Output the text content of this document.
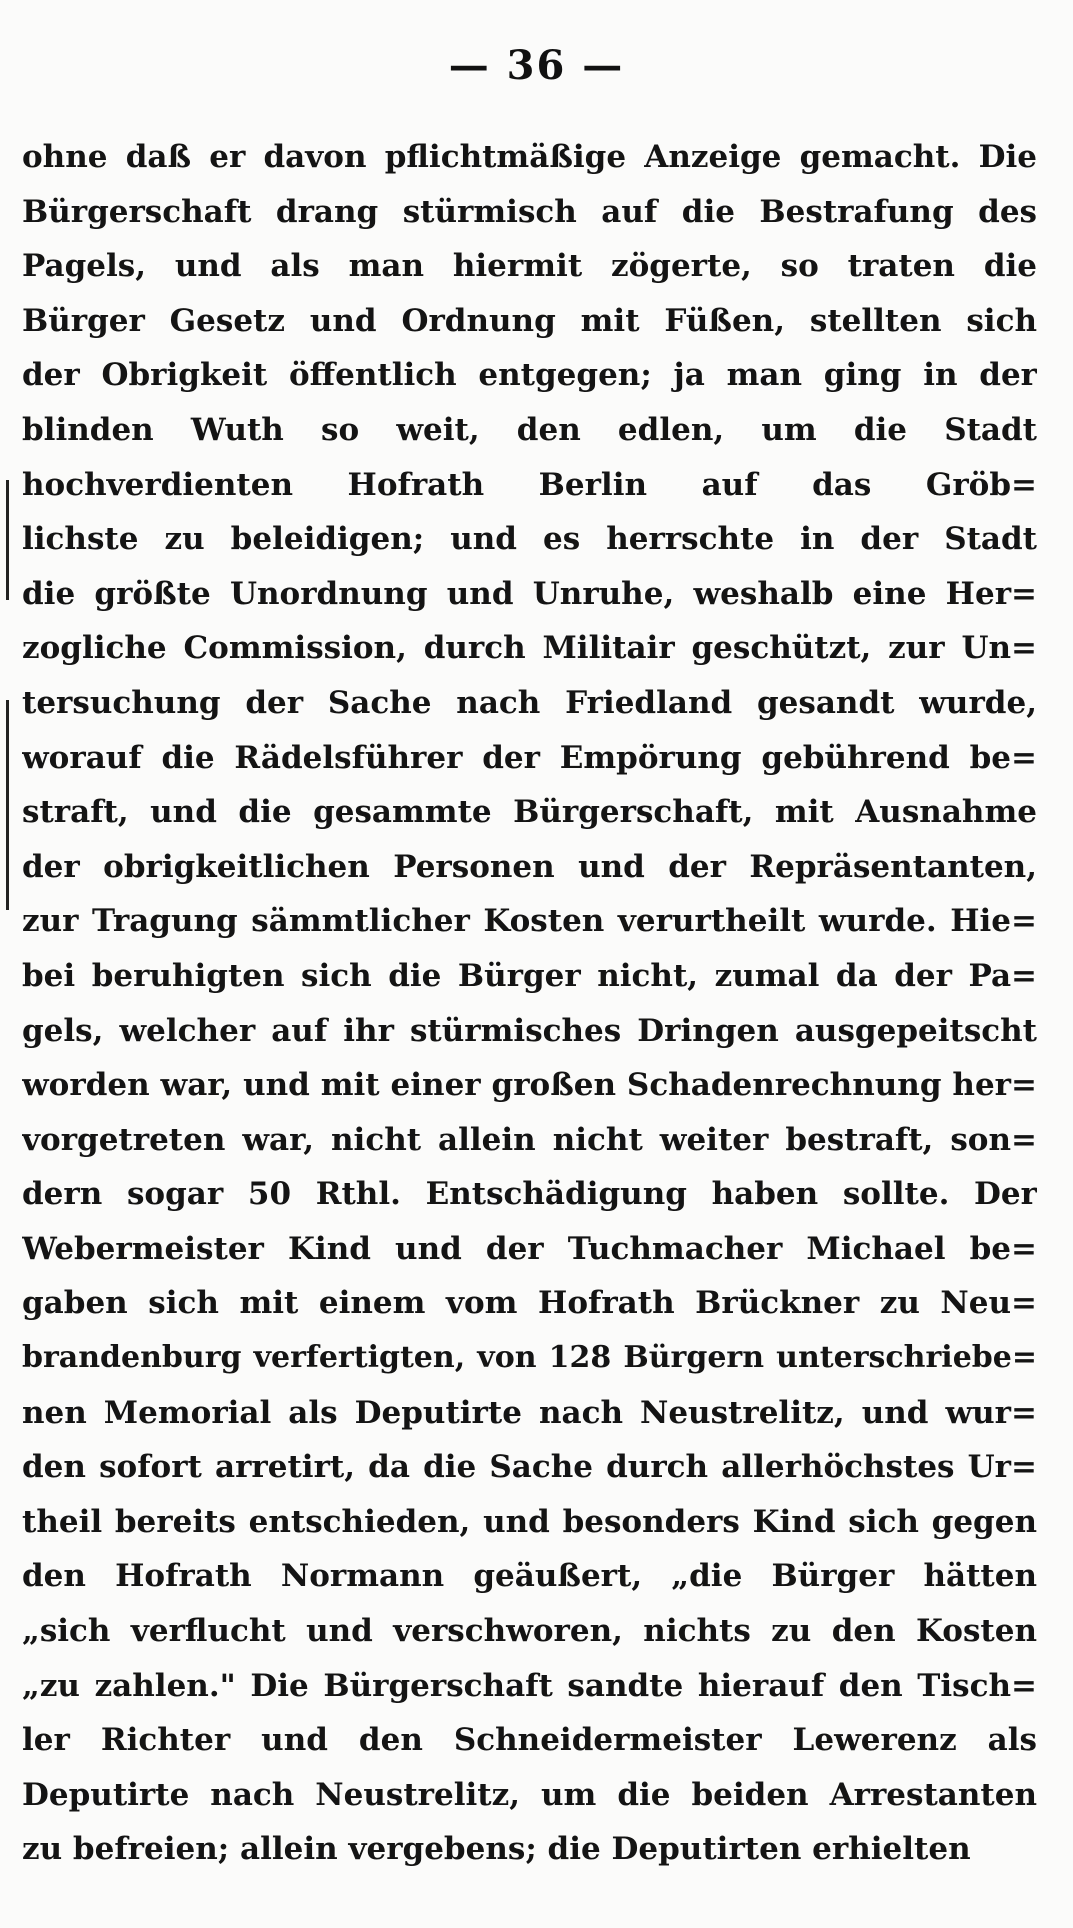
— 36 —
ohne daß er davon pflichtmäßige Anzeige gemacht. Die
Bürgerschaft drang stürmisch auf die Bestrafung des
Pagels, und als man hiermit zögerte, so traten die
Bürger Gesetz und Ordnung mit Füßen, stellten sich
der Obrigkeit öffentlich entgegen; ja man ging in der
blinden Wuth so weit, den edlen, um die Stadt
hochverdienten Hofrath Berlin auf das Gröb=
lichste zu beleidigen; und es herrschte in der Stadt
die größte Unordnung und Unruhe, weshalb eine Her=
zogliche Commission, durch Militair geschützt, zur Un=
tersuchung der Sache nach Friedland gesandt wurde,
worauf die Rädelsführer der Empörung gebührend be=
straft, und die gesammte Bürgerschaft, mit Ausnahme
der obrigkeitlichen Personen und der Repräsentanten,
zur Tragung sämmtlicher Kosten verurtheilt wurde. Hie=
bei beruhigten sich die Bürger nicht, zumal da der Pa=
gels, welcher auf ihr stürmisches Dringen ausgepeitscht
worden war, und mit einer großen Schadenrechnung her=
vorgetreten war, nicht allein nicht weiter bestraft, son=
dern sogar 50 Rthl. Entschädigung haben sollte. Der
Webermeister Kind und der Tuchmacher Michael be=
gaben sich mit einem vom Hofrath Brückner zu Neu=
brandenburg verfertigten, von 128 Bürgern unterschriebe=
nen Memorial als Deputirte nach Neustrelitz, und wur=
den sofort arretirt, da die Sache durch allerhöchstes Ur=
theil bereits entschieden, und besonders Kind sich gegen
den Hofrath Normann geäußert, „die Bürger hätten
„sich verflucht und verschworen, nichts zu den Kosten
„zu zahlen." Die Bürgerschaft sandte hierauf den Tisch=
ler Richter und den Schneidermeister Lewerenz als
Deputirte nach Neustrelitz, um die beiden Arrestanten
zu befreien; allein vergebens; die Deputirten erhielten
